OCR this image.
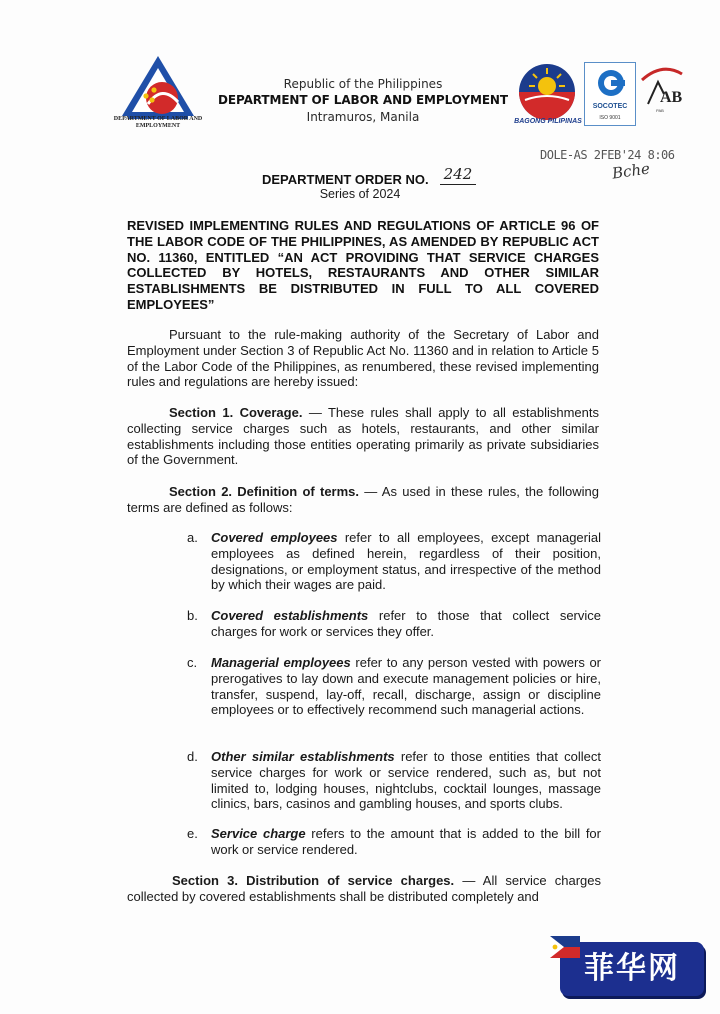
DEPARTMENT OF LABOR AND EMPLOYMENT
Republic of the Philippines
DEPARTMENT OF LABOR AND EMPLOYMENT
Intramuros, Manila	BAGONG PILIPINAS
SOCOTEC
ISO 9001
AB
PAB
DOLE-AS 2FEB'24 8:06
Bche
DEPARTMENT ORDER NO. 242
Series of 2024
REVISED IMPLEMENTING RULES AND REGULATIONS OF ARTICLE 96 OF THE LABOR CODE OF THE PHILIPPINES, AS AMENDED BY REPUBLIC ACT NO. 11360, ENTITLED “AN ACT PROVIDING THAT SERVICE CHARGES COLLECTED BY HOTELS, RESTAURANTS AND OTHER SIMILAR ESTABLISHMENTS BE DISTRIBUTED IN FULL TO ALL COVERED EMPLOYEES”
Pursuant to the rule-making authority of the Secretary of Labor and Employment under Section 3 of Republic Act No. 11360 and in relation to Article 5 of the Labor Code of the Philippines, as renumbered, these revised implementing rules and regulations are hereby issued:
Section 1. Coverage. — These rules shall apply to all establishments collecting service charges such as hotels, restaurants, and other similar establishments including those entities operating primarily as private subsidiaries of the Government.
Section 2. Definition of terms. — As used in these rules, the following terms are defined as follows:
a.	Covered employees refer to all employees, except managerial employees as defined herein, regardless of their position, designations, or employment status, and irrespective of the method by which their wages are paid.
b.	Covered establishments refer to those that collect service charges for work or services they offer.
c.	Managerial employees refer to any person vested with powers or prerogatives to lay down and execute management policies or hire, transfer, suspend, lay-off, recall, discharge, assign or discipline employees or to effectively recommend such managerial actions.
d.	Other similar establishments refer to those entities that collect service charges for work or service rendered, such as, but not limited to, lodging houses, nightclubs, cocktail lounges, massage clinics, bars, casinos and gambling houses, and sports clubs.
e.	Service charge refers to the amount that is added to the bill for work or service rendered.
Section 3. Distribution of service charges. — All service charges collected by covered establishments shall be distributed completely and
菲华网
